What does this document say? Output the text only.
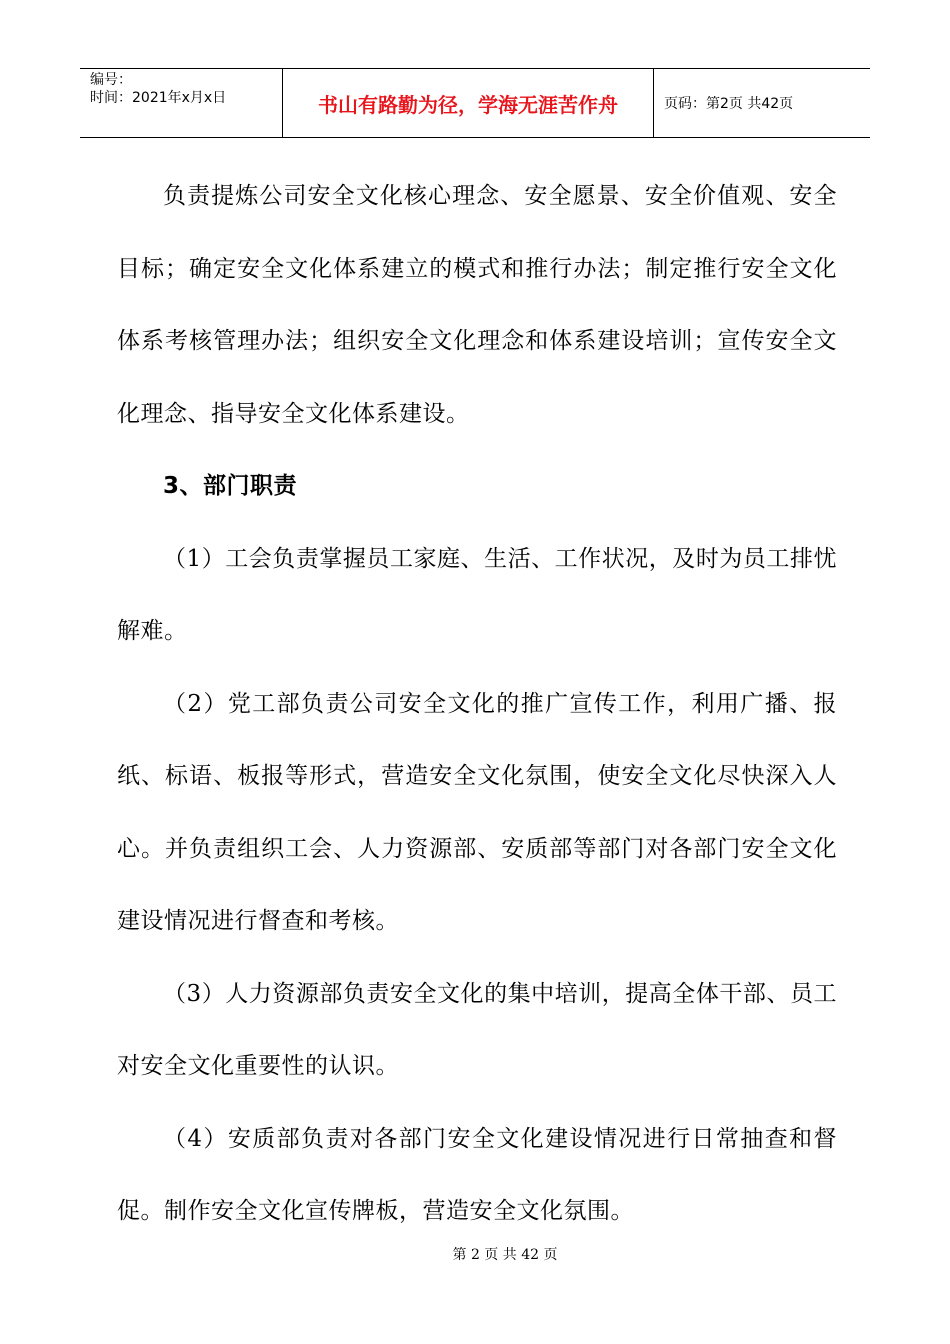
编号：
时间：2021年x月x日	书山有路勤为径，学海无涯苦作舟	页码：第2页 共42页

负责提炼公司安全文化核心理念、安全愿景、安全价值观、安全目标；确定安全文化体系建立的模式和推行办法；制定推行安全文化体系考核管理办法；组织安全文化理念和体系建设培训；宣传安全文化理念、指导安全文化体系建设。

3、部门职责

（1）工会负责掌握员工家庭、生活、工作状况，及时为员工排忧解难。

（2）党工部负责公司安全文化的推广宣传工作，利用广播、报纸、标语、板报等形式，营造安全文化氛围，使安全文化尽快深入人心。并负责组织工会、人力资源部、安质部等部门对各部门安全文化建设情况进行督查和考核。

（3）人力资源部负责安全文化的集中培训，提高全体干部、员工对安全文化重要性的认识。

（4）安质部负责对各部门安全文化建设情况进行日常抽查和督促。制作安全文化宣传牌板，营造安全文化氛围。

第 2 页 共 42 页
